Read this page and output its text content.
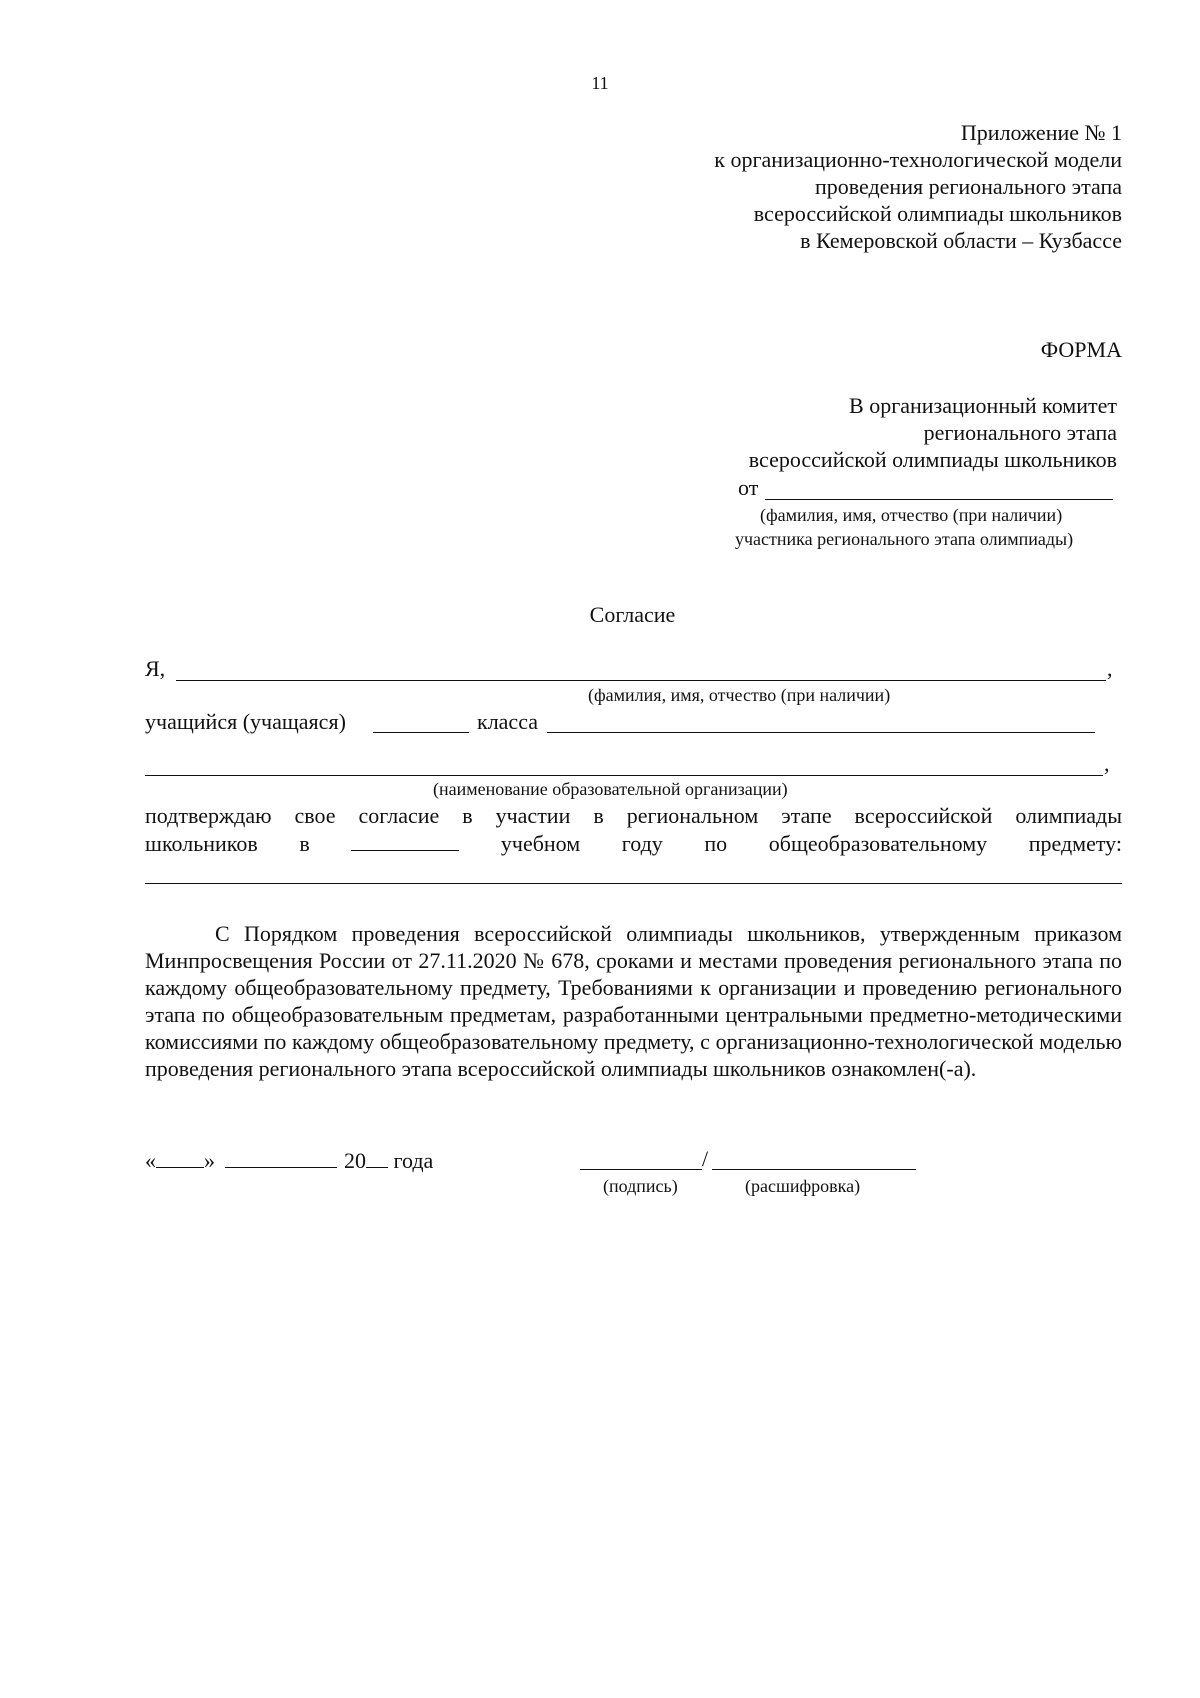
11
Приложение № 1
к организационно-технологической модели
проведения регионального этапа
всероссийской олимпиады школьников
в Кемеровской области – Кузбассе
ФОРМА
В организационный комитет
регионального этапа
всероссийской олимпиады школьников
от
(фамилия, имя, отчество (при наличии)
участника регионального этапа олимпиады)
Согласие
Я,	,
(фамилия, имя, отчество (при наличии)
учащийся (учащаяся)	класса
,
(наименование образовательной организации)
подтверждаю свое согласие в участии в региональном этапе всероссийской олимпиады
школьников в	учебном году по общеобразовательному предмету:

С Порядком проведения всероссийской олимпиады школьников, утвержденным приказом Минпросвещения России от 27.11.2020 № 678, сроками и местами проведения регионального этапа по каждому общеобразовательному предмету, Требованиями к организации и проведению регионального этапа по общеобразовательным предметам, разработанными центральными предметно-методическими комиссиями по каждому общеобразовательному предмету, с организационно-технологической моделью проведения регионального этапа всероссийской олимпиады школьников ознакомлен(-а).

« »	20 года	/
(подпись)	(расшифровка)
